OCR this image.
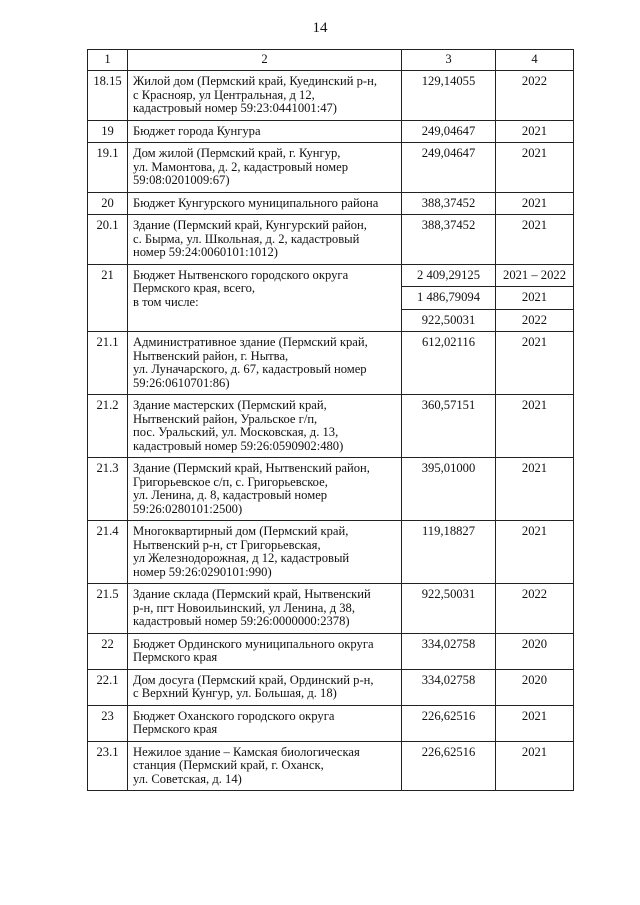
14
1	2	3	4
18.15	Жилой дом (Пермский край, Куединский р-н,
с Краснояр, ул Центральная, д 12,
кадастровый номер 59:23:0441001:47)	129,14055	2022
19	Бюджет города Кунгура	249,04647	2021
19.1	Дом жилой (Пермский край, г. Кунгур,
ул. Мамонтова, д. 2, кадастровый номер
59:08:0201009:67)	249,04647	2021
20	Бюджет Кунгурского муниципального района	388,37452	2021
20.1	Здание (Пермский край, Кунгурский район,
с. Бырма, ул. Школьная, д. 2, кадастровый
номер 59:24:0060101:1012)	388,37452	2021
21	Бюджет Нытвенского городского округа
Пермского края, всего,
в том числе:	2 409,29125	2021 – 2022
		1 486,79094	2021
		922,50031	2022
21.1	Административное здание (Пермский край,
Нытвенский район, г. Нытва,
ул. Луначарского, д. 67, кадастровый номер
59:26:0610701:86)	612,02116	2021
21.2	Здание мастерских (Пермский край,
Нытвенский район, Уральское г/п,
пос. Уральский, ул. Московская, д. 13,
кадастровый номер 59:26:0590902:480)	360,57151	2021
21.3	Здание (Пермский край, Нытвенский район,
Григорьевское с/п, с. Григорьевское,
ул. Ленина, д. 8, кадастровый номер
59:26:0280101:2500)	395,01000	2021
21.4	Многоквартирный дом (Пермский край,
Нытвенский р-н, ст Григорьевская,
ул Железнодорожная, д 12, кадастровый
номер 59:26:0290101:990)	119,18827	2021
21.5	Здание склада (Пермский край, Нытвенский
р-н, пгт Новоильинский, ул Ленина, д 38,
кадастровый номер 59:26:0000000:2378)	922,50031	2022
22	Бюджет Ординского муниципального округа
Пермского края	334,02758	2020
22.1	Дом досуга (Пермский край, Ординский р-н,
с Верхний Кунгур, ул. Большая, д. 18)	334,02758	2020
23	Бюджет Оханского городского округа
Пермского края	226,62516	2021
23.1	Нежилое здание – Камская биологическая
станция (Пермский край, г. Оханск,
ул. Советская, д. 14)	226,62516	2021
